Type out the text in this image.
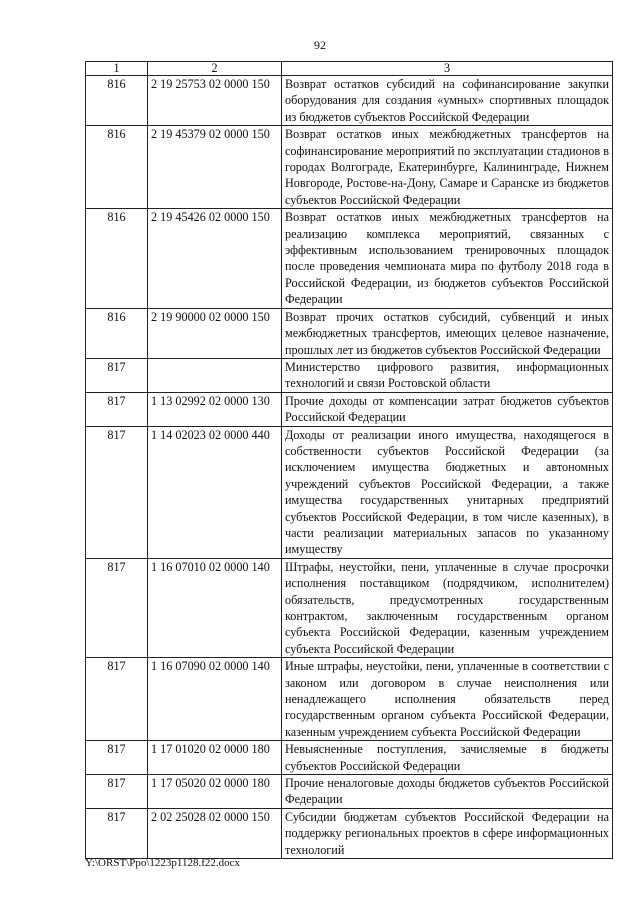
92
1	2	3
816	2 19 25753 02 0000 150	Возврат остатков субсидий на софинансирование закупки оборудования для создания «умных» спортивных площадок из бюджетов субъектов Российской Федерации
816	2 19 45379 02 0000 150	Возврат остатков иных межбюджетных трансфертов на софинансирование мероприятий по эксплуатации стадионов в городах Волгограде, Екатеринбурге, Калининграде, Нижнем Новгороде, Ростове-на-Дону, Самаре и Саранске из бюджетов субъектов Российской Федерации
816	2 19 45426 02 0000 150	Возврат остатков иных межбюджетных трансфертов на реализацию комплекса мероприятий, связанных с эффективным использованием тренировочных площадок после проведения чемпионата мира по футболу 2018 года в Российской Федерации, из бюджетов субъектов Российской Федерации
816	2 19 90000 02 0000 150	Возврат прочих остатков субсидий, субвенций и иных межбюджетных трансфертов, имеющих целевое назначение, прошлых лет из бюджетов субъектов Российской Федерации
817		Министерство цифрового развития, информационных технологий и связи Ростовской области
817	1 13 02992 02 0000 130	Прочие доходы от компенсации затрат бюджетов субъектов Российской Федерации
817	1 14 02023 02 0000 440	Доходы от реализации иного имущества, находящегося в собственности субъектов Российской Федерации (за исключением имущества бюджетных и автономных учреждений субъектов Российской Федерации, а также имущества государственных унитарных предприятий субъектов Российской Федерации, в том числе казенных), в части реализации материальных запасов по указанному имуществу
817	1 16 07010 02 0000 140	Штрафы, неустойки, пени, уплаченные в случае просрочки исполнения поставщиком (подрядчиком, исполнителем) обязательств, предусмотренных государственным контрактом, заключенным государственным органом субъекта Российской Федерации, казенным учреждением субъекта Российской Федерации
817	1 16 07090 02 0000 140	Иные штрафы, неустойки, пени, уплаченные в соответствии с законом или договором в случае неисполнения или ненадлежащего исполнения обязательств перед государственным органом субъекта Российской Федерации, казенным учреждением субъекта Российской Федерации
817	1 17 01020 02 0000 180	Невыясненные поступления, зачисляемые в бюджеты субъектов Российской Федерации
817	1 17 05020 02 0000 180	Прочие неналоговые доходы бюджетов субъектов Российской Федерации
817	2 02 25028 02 0000 150	Субсидии бюджетам субъектов Российской Федерации на поддержку региональных проектов в сфере информационных технологий
Y:\ORST\Ppo\1223p1128.f22.docx
